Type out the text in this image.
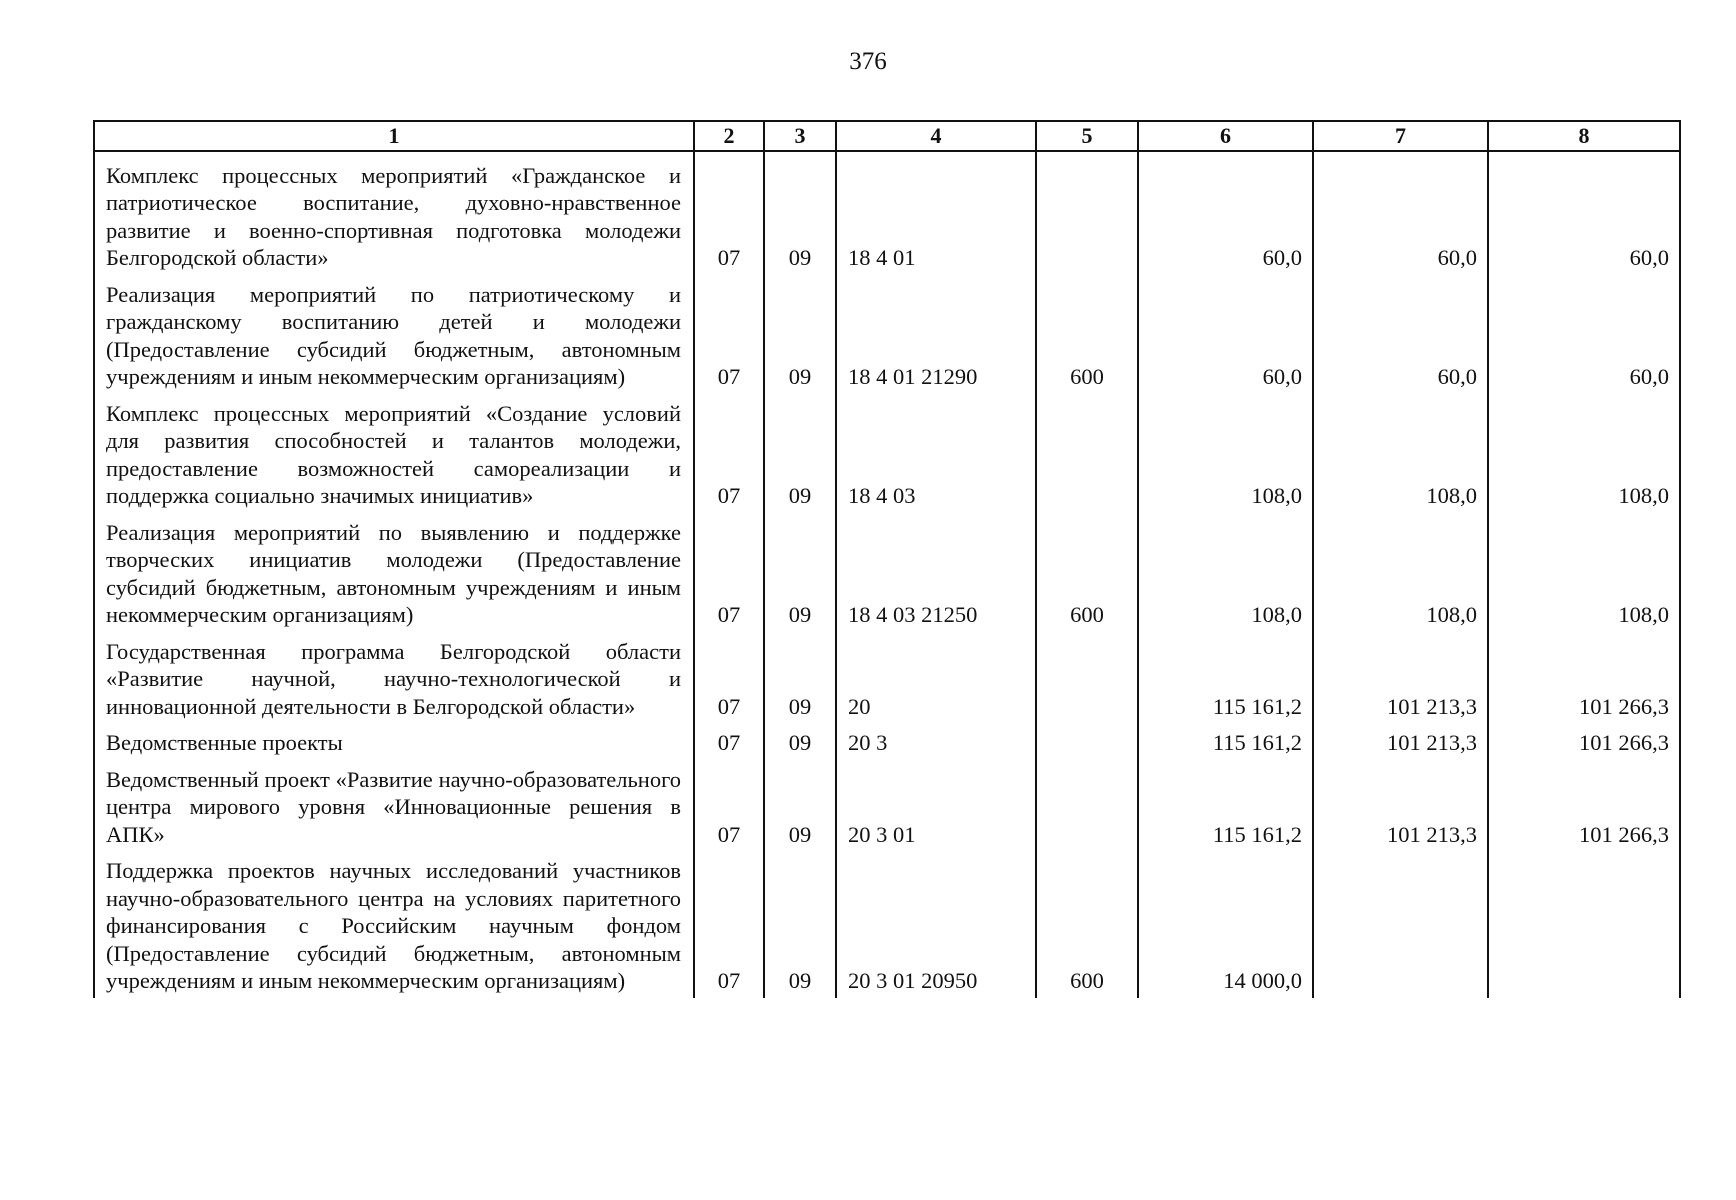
376
1	2	3	4	5	6	7	8
Комплекс процессных мероприятий «Гражданское и патриотическое воспитание, духовно-нравственное развитие и военно-спортивная подготовка молодежи Белгородской области»	07	09	18 4 01		60,0	60,0	60,0
Реализация мероприятий по патриотическому и гражданскому воспитанию детей и молодежи (Предоставление субсидий бюджетным, автономным учреждениям и иным некоммерческим организациям)	07	09	18 4 01 21290	600	60,0	60,0	60,0
Комплекс процессных мероприятий «Создание условий для развития способностей и талантов молодежи, предоставление возможностей самореализации и поддержка социально значимых инициатив»	07	09	18 4 03		108,0	108,0	108,0
Реализация мероприятий по выявлению и поддержке творческих инициатив молодежи (Предоставление субсидий бюджетным, автономным учреждениям и иным некоммерческим организациям)	07	09	18 4 03 21250	600	108,0	108,0	108,0
Государственная программа Белгородской области «Развитие научной, научно-технологической и инновационной деятельности в Белгородской области»	07	09	20		115 161,2	101 213,3	101 266,3
Ведомственные проекты	07	09	20 3		115 161,2	101 213,3	101 266,3
Ведомственный проект «Развитие научно-образовательного центра мирового уровня «Инновационные решения в АПК»	07	09	20 3 01		115 161,2	101 213,3	101 266,3
Поддержка проектов научных исследований участников научно-образовательного центра на условиях паритетного финансирования с Российским научным фондом (Предоставление субсидий бюджетным, автономным учреждениям и иным некоммерческим организациям)	07	09	20 3 01 20950	600	14 000,0		
